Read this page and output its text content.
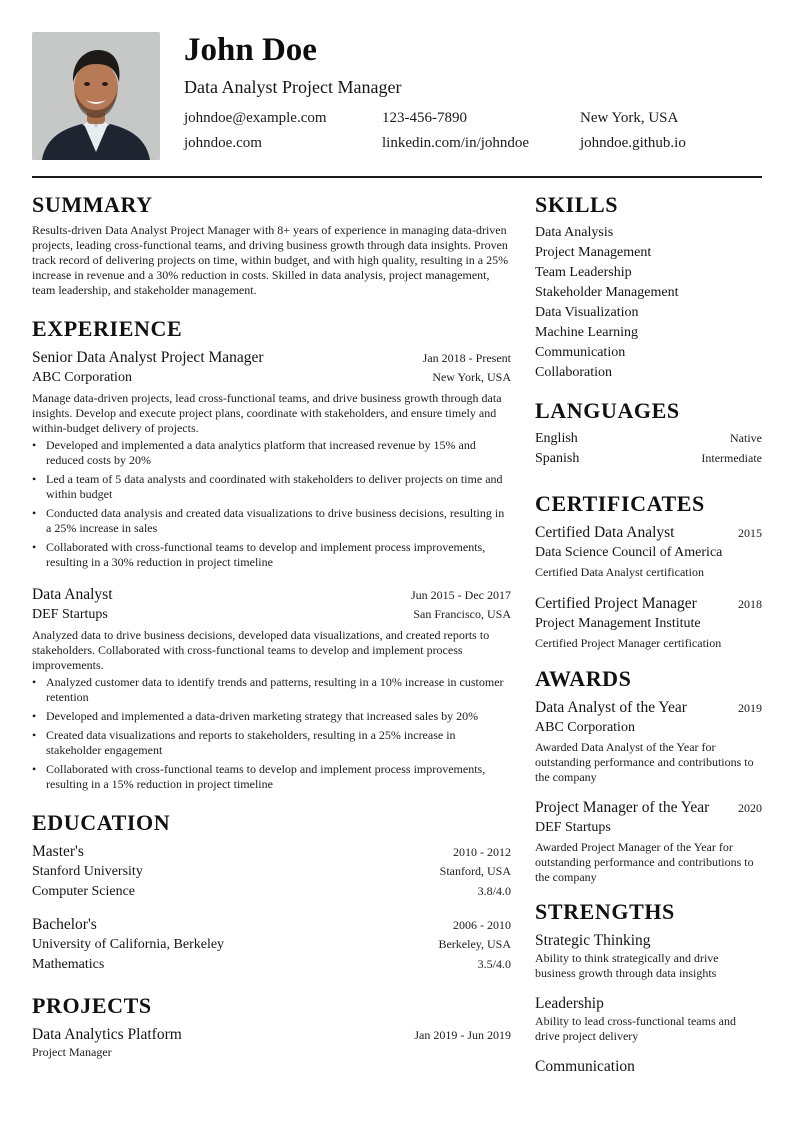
John Doe
Data Analyst Project Manager
johndoe@example.com	123-456-7890	New York, USA
johndoe.com	linkedin.com/in/johndoe	johndoe.github.io
SUMMARY
Results-driven Data Analyst Project Manager with 8+ years of experience in managing data-driven projects, leading cross-functional teams, and driving business growth through data insights. Proven track record of delivering projects on time, within budget, and with high quality, resulting in a 25% increase in revenue and a 30% reduction in costs. Skilled in data analysis, project management, team leadership, and stakeholder management.
EXPERIENCE
Senior Data Analyst Project Manager	Jan 2018 - Present
ABC Corporation	New York, USA
Manage data-driven projects, lead cross-functional teams, and drive business growth through data insights. Develop and execute project plans, coordinate with stakeholders, and ensure timely and within-budget delivery of projects.
• Developed and implemented a data analytics platform that increased revenue by 15% and reduced costs by 20%
• Led a team of 5 data analysts and coordinated with stakeholders to deliver projects on time and within budget
• Conducted data analysis and created data visualizations to drive business decisions, resulting in a 25% increase in sales
• Collaborated with cross-functional teams to develop and implement process improvements, resulting in a 30% reduction in project timeline
Data Analyst	Jun 2015 - Dec 2017
DEF Startups	San Francisco, USA
Analyzed data to drive business decisions, developed data visualizations, and created reports to stakeholders. Collaborated with cross-functional teams to develop and implement process improvements.
• Analyzed customer data to identify trends and patterns, resulting in a 10% increase in customer retention
• Developed and implemented a data-driven marketing strategy that increased sales by 20%
• Created data visualizations and reports to stakeholders, resulting in a 25% increase in stakeholder engagement
• Collaborated with cross-functional teams to develop and implement process improvements, resulting in a 15% reduction in project timeline
EDUCATION
Master's	2010 - 2012
Stanford University	Stanford, USA
Computer Science	3.8/4.0
Bachelor's	2006 - 2010
University of California, Berkeley	Berkeley, USA
Mathematics	3.5/4.0
PROJECTS
Data Analytics Platform	Jan 2019 - Jun 2019
Project Manager
SKILLS
Data Analysis
Project Management
Team Leadership
Stakeholder Management
Data Visualization
Machine Learning
Communication
Collaboration
LANGUAGES
English	Native
Spanish	Intermediate
CERTIFICATES
Certified Data Analyst	2015
Data Science Council of America
Certified Data Analyst certification
Certified Project Manager	2018
Project Management Institute
Certified Project Manager certification
AWARDS
Data Analyst of the Year	2019
ABC Corporation
Awarded Data Analyst of the Year for outstanding performance and contributions to the company
Project Manager of the Year 2020
DEF Startups
Awarded Project Manager of the Year for outstanding performance and contributions to the company
STRENGTHS
Strategic Thinking
Ability to think strategically and drive business growth through data insights
Leadership
Ability to lead cross-functional teams and drive project delivery
Communication
